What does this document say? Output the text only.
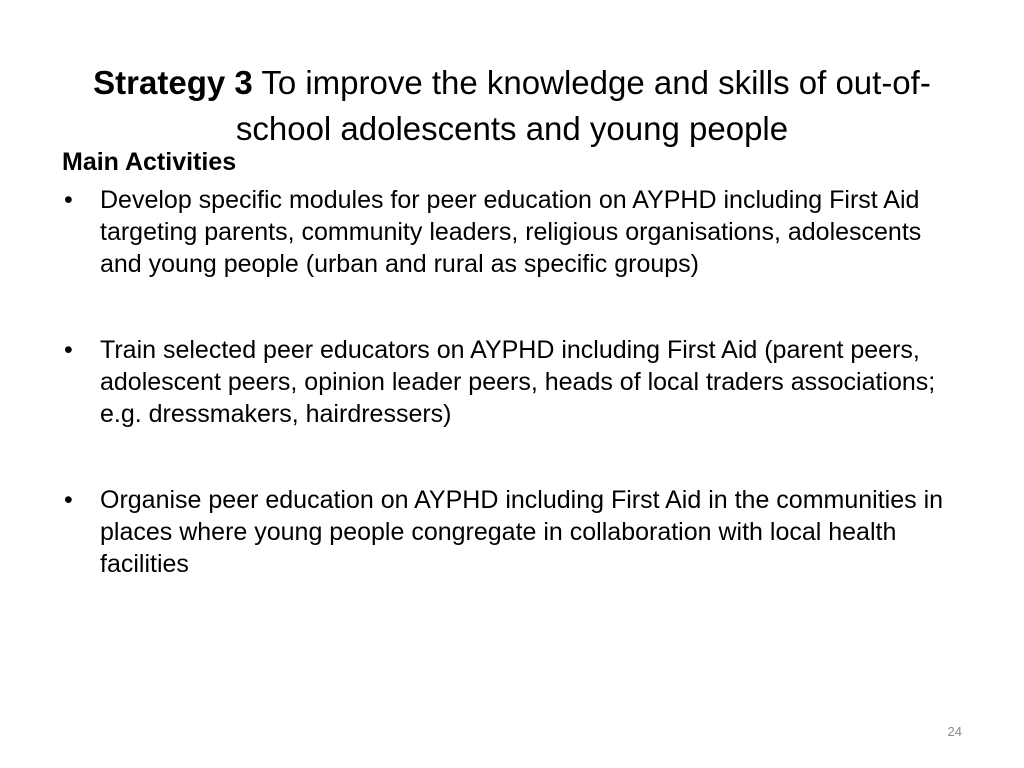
Strategy 3 To improve the knowledge and skills of out-of-school adolescents and young people
Main Activities
• Develop specific modules for peer education on AYPHD including First Aid targeting parents, community leaders, religious organisations, adolescents and young people (urban and rural as specific groups)
• Train selected peer educators on AYPHD including First Aid (parent peers, adolescent peers, opinion leader peers, heads of local traders associations; e.g. dressmakers, hairdressers)
• Organise peer education on AYPHD including First Aid in the communities in places where young people congregate in collaboration with local health facilities
24
